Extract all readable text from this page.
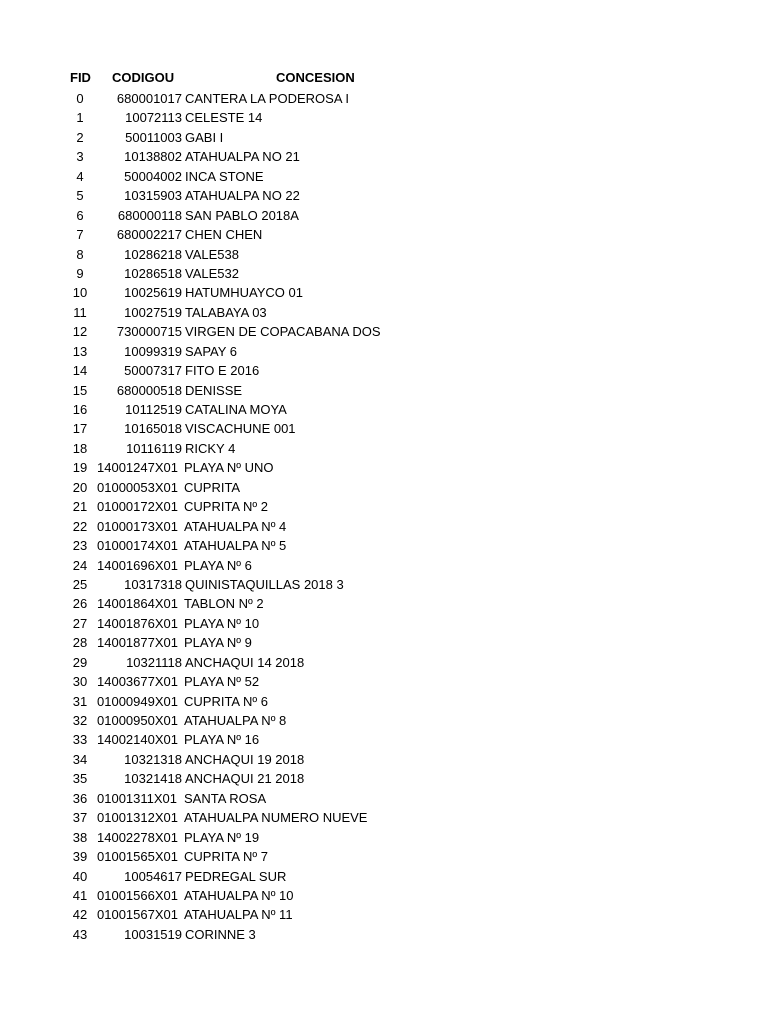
FID CODIGOU	CONCESION
0	680001017 CANTERA LA PODEROSA I
1	10072113 CELESTE 14
2	50011003 GABI I
3	10138802 ATAHUALPA NO 21
4	50004002 INCA STONE
5	10315903 ATAHUALPA NO 22
6	680000118 SAN PABLO 2018A
7	680002217 CHEN CHEN
8	10286218 VALE538
9	10286518 VALE532
10	10025619 HATUMHUAYCO 01
11	10027519 TALABAYA 03
12	730000715 VIRGEN DE COPACABANA DOS
13	10099319 SAPAY 6
14	50007317 FITO E 2016
15	680000518 DENISSE
16	10112519 CATALINA MOYA
17	10165018 VISCACHUNE 001
18	10116119 RICKY 4
19 14001247X01 PLAYA Nº UNO
20 01000053X01 CUPRITA
21 01000172X01 CUPRITA Nº 2
22 01000173X01 ATAHUALPA Nº 4
23 01000174X01 ATAHUALPA Nº 5
24 14001696X01 PLAYA Nº 6
25	10317318 QUINISTAQUILLAS 2018 3
26 14001864X01 TABLON Nº 2
27 14001876X01 PLAYA Nº 10
28 14001877X01 PLAYA Nº 9
29	10321118 ANCHAQUI 14 2018
30 14003677X01 PLAYA Nº 52
31 01000949X01 CUPRITA Nº 6
32 01000950X01 ATAHUALPA Nº 8
33 14002140X01 PLAYA Nº 16
34	10321318 ANCHAQUI 19 2018
35	10321418 ANCHAQUI 21 2018
36 01001311X01 SANTA ROSA
37 01001312X01 ATAHUALPA NUMERO NUEVE
38 14002278X01 PLAYA Nº 19
39 01001565X01 CUPRITA Nº 7
40	10054617 PEDREGAL SUR
41 01001566X01 ATAHUALPA Nº 10
42 01001567X01 ATAHUALPA Nº 11
43	10031519 CORINNE 3
